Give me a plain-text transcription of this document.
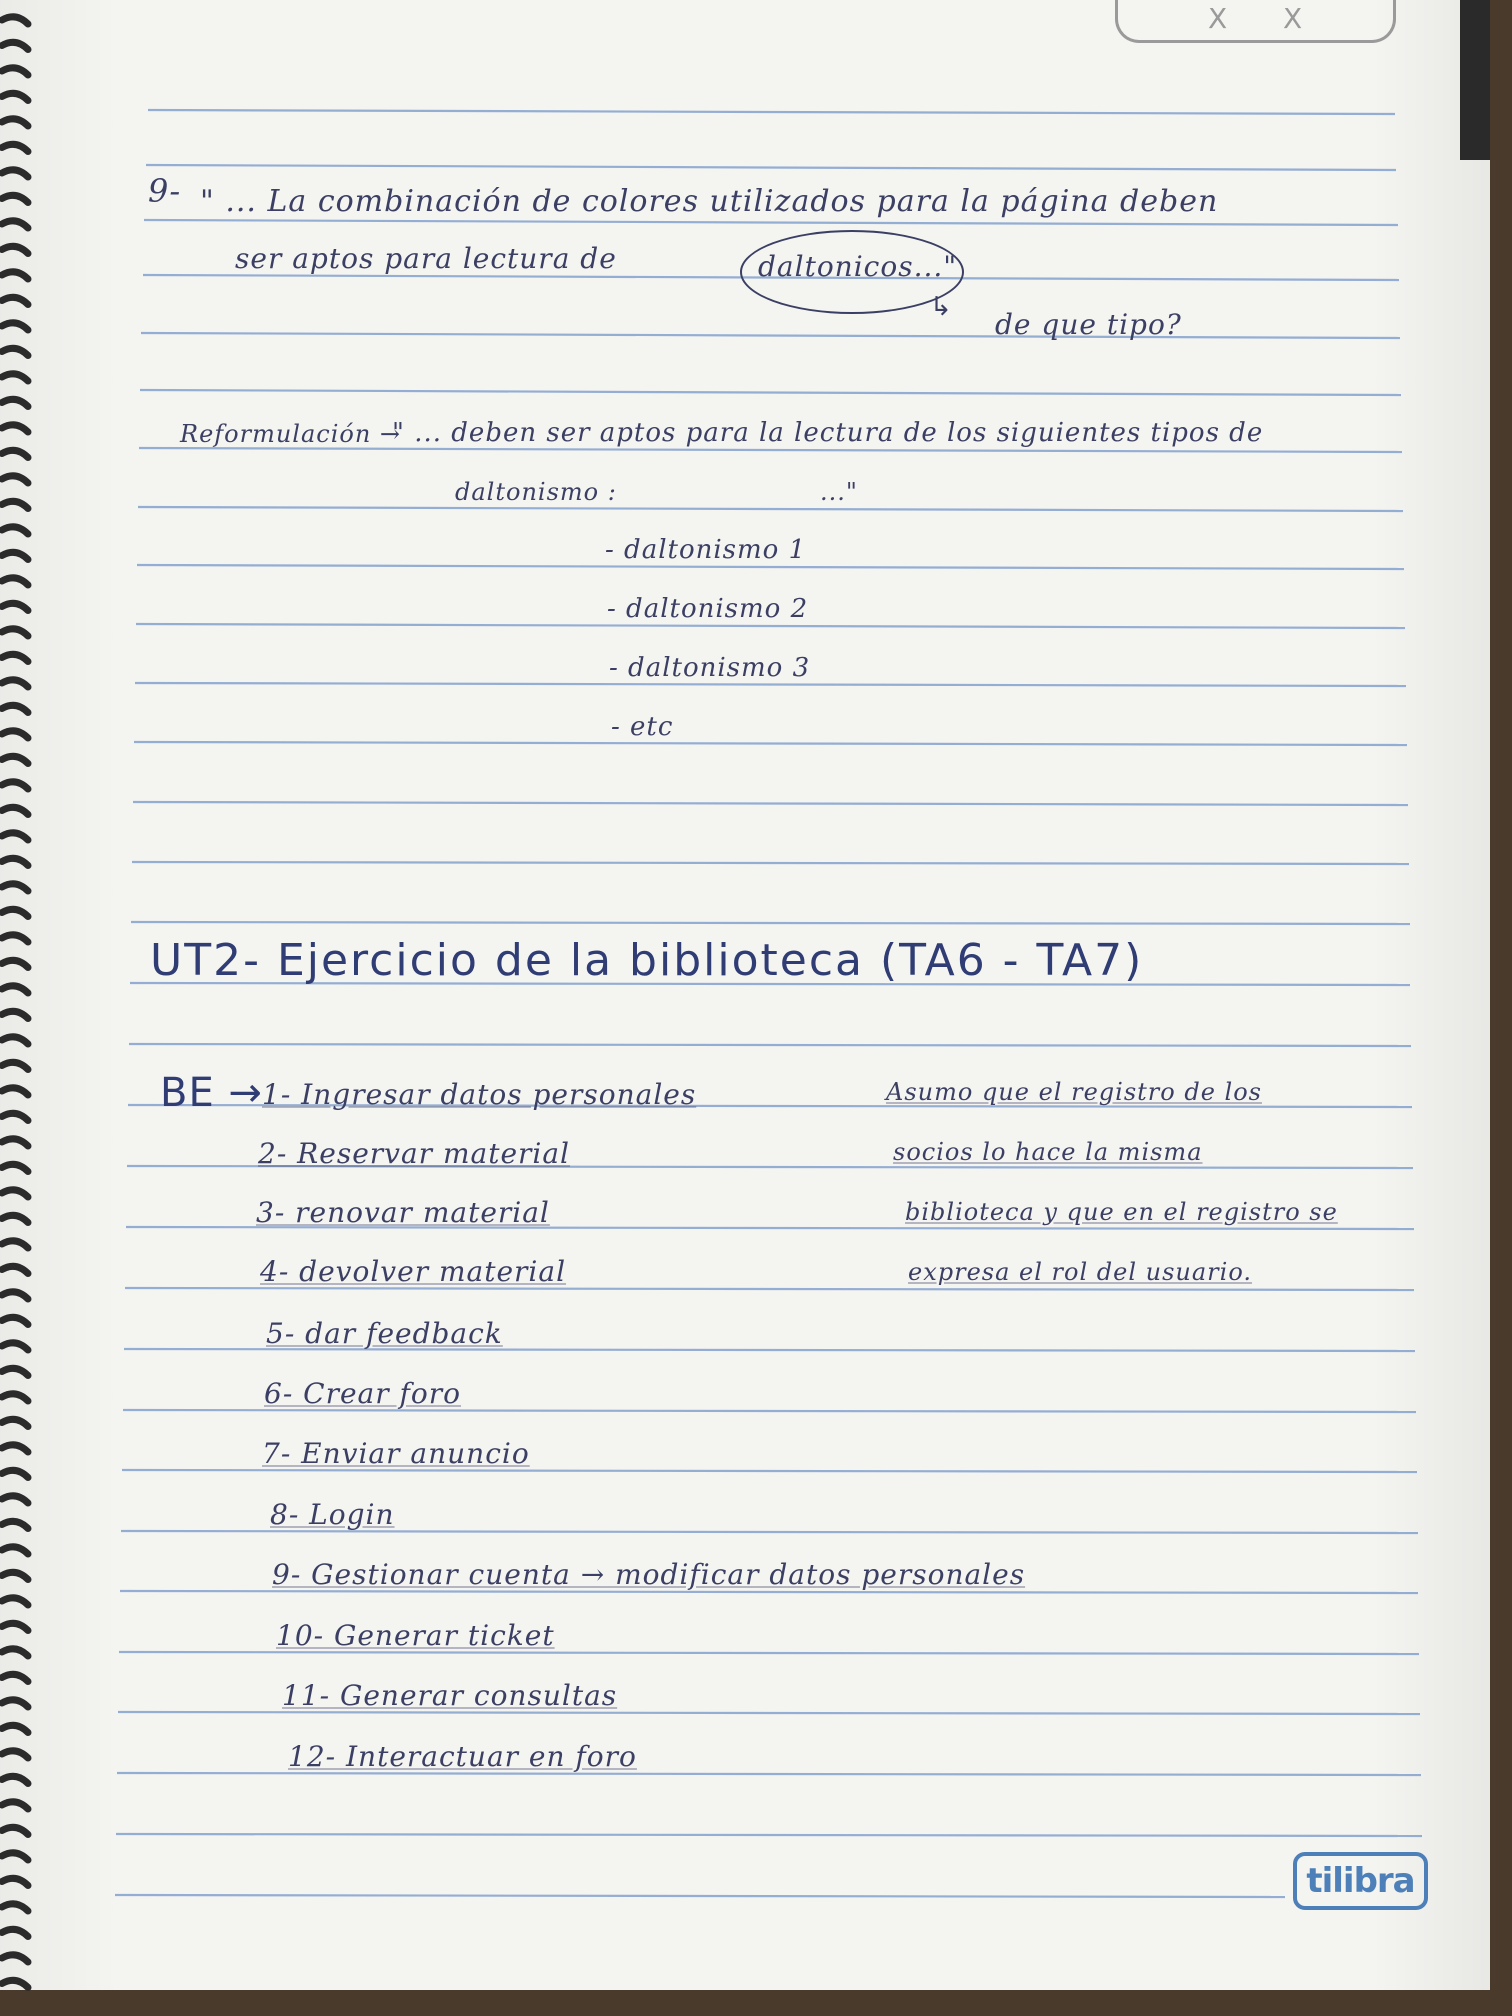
X X
9- " ... La combinación de colores utilizados para la página deben
ser aptos para lectura de	daltonicos..."
↳
de que tipo?
Reformulación →
" ... deben ser aptos para la lectura de los siguientes tipos de
daltonismo :	..."
- daltonismo 1
- daltonismo 2
- daltonismo 3
- etc
UT2- Ejercicio de la biblioteca (TA6 - TA7)
BE → 1- Ingresar datos personales
2- Reservar material
3- renovar material
4- devolver material
5- dar feedback
6- Crear foro
7- Enviar anuncio
8- Login
9- Gestionar cuenta → modificar datos personales
10- Generar ticket
11- Generar consultas
12- Interactuar en foro
Asumo que el registro de los
socios lo hace la misma
biblioteca y que en el registro se
expresa el rol del usuario.
tilibra
